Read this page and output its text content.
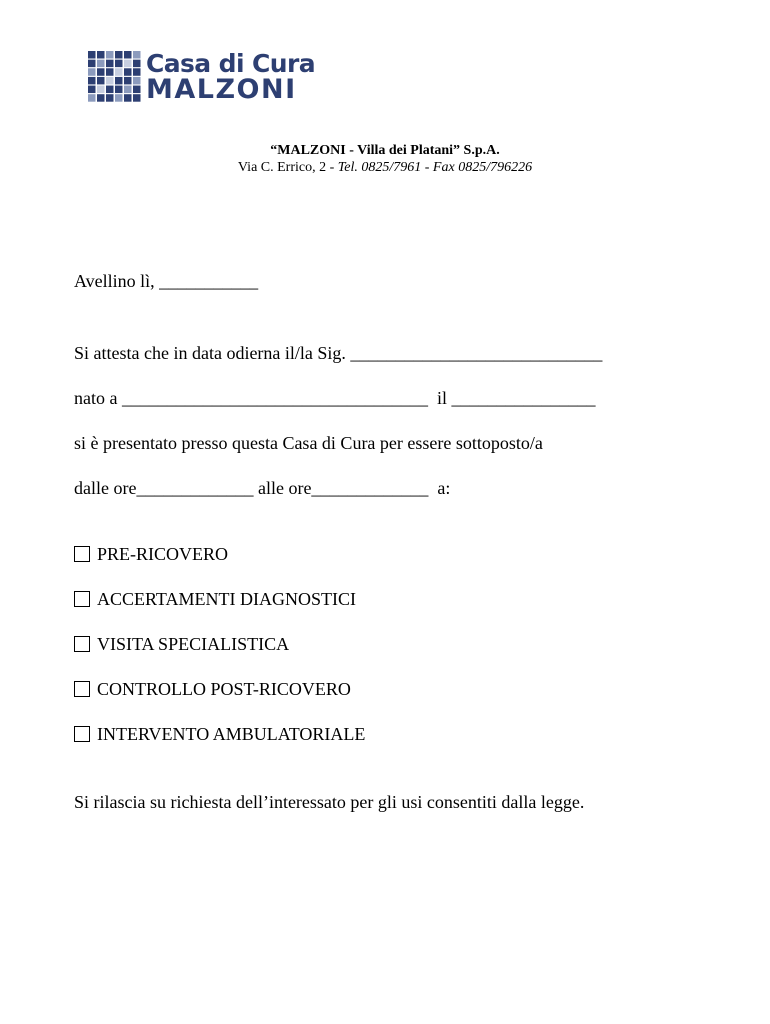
Casa di Cura
MALZONI
“MALZONI - Villa dei Platani” S.p.A.
Via C. Errico, 2 - Tel. 0825/7961 - Fax 0825/796226
Avellino lì, ___________
Si attesta che in data odierna il/la Sig. ____________________________
nato a __________________________________  il ________________
si è presentato presso questa Casa di Cura per essere sottoposto/a
dalle ore_____________ alle ore_____________  a:
PRE-RICOVERO
ACCERTAMENTI DIAGNOSTICI
VISITA SPECIALISTICA
CONTROLLO POST-RICOVERO
INTERVENTO AMBULATORIALE
Si rilascia su richiesta dell’interessato per gli usi consentiti dalla legge.
